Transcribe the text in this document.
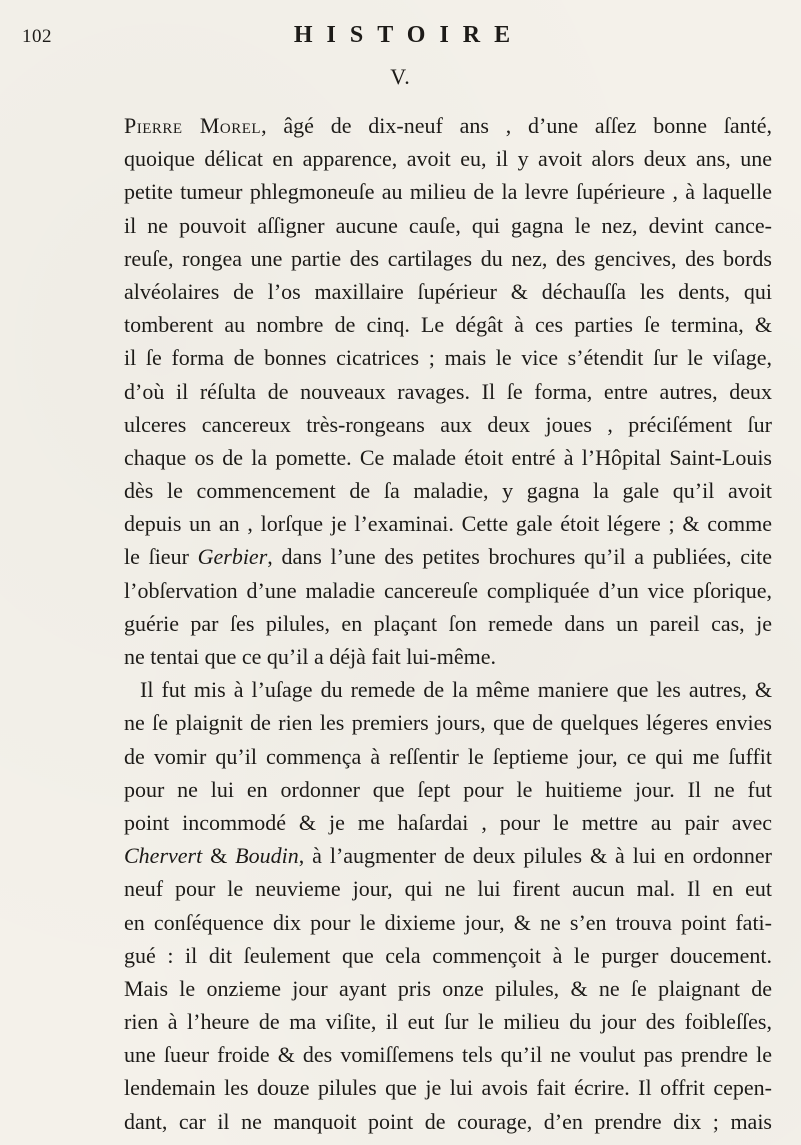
102	HISTOIRE
V.
Pierre Morel, âgé de dix-neuf ans , d’une aſſez bonne ſanté,
quoique délicat en apparence, avoit eu, il y avoit alors deux ans, une
petite tumeur phlegmoneuſe au milieu de la levre ſupérieure , à laquelle
il ne pouvoit aſſigner aucune cauſe, qui gagna le nez, devint cance-
reuſe, rongea une partie des cartilages du nez, des gencives, des bords
alvéolaires de l’os maxillaire ſupérieur & déchauſſa les dents, qui
tomberent au nombre de cinq. Le dégât à ces parties ſe termina, &
il ſe forma de bonnes cicatrices ; mais le vice s’étendit ſur le viſage,
d’où il réſulta de nouveaux ravages. Il ſe forma, entre autres, deux
ulceres cancereux très-rongeans aux deux joues , préciſément ſur
chaque os de la pomette. Ce malade étoit entré à l’Hôpital Saint-Louis
dès le commencement de ſa maladie, y gagna la gale qu’il avoit
depuis un an , lorſque je l’examinai. Cette gale étoit légere ; & comme
le ſieur Gerbier, dans l’une des petites brochures qu’il a publiées, cite
l’obſervation d’une maladie cancereuſe compliquée d’un vice pſorique,
guérie par ſes pilules, en plaçant ſon remede dans un pareil cas, je
ne tentai que ce qu’il a déjà fait lui-même.
Il fut mis à l’uſage du remede de la même maniere que les autres, &
ne ſe plaignit de rien les premiers jours, que de quelques légeres envies
de vomir qu’il commença à reſſentir le ſeptieme jour, ce qui me ſuffit
pour ne lui en ordonner que ſept pour le huitieme jour. Il ne fut
point incommodé & je me haſardai , pour le mettre au pair avec
Chervert & Boudin, à l’augmenter de deux pilules & à lui en ordonner
neuf pour le neuvieme jour, qui ne lui firent aucun mal. Il en eut
en conſéquence dix pour le dixieme jour, & ne s’en trouva point fati-
gué : il dit ſeulement que cela commençoit à le purger doucement.
Mais le onzieme jour ayant pris onze pilules, & ne ſe plaignant de
rien à l’heure de ma viſite, il eut ſur le milieu du jour des foibleſſes,
une ſueur froide & des vomiſſemens tels qu’il ne voulut pas prendre le
lendemain les douze pilules que je lui avois fait écrire. Il offrit cepen-
dant, car il ne manquoit point de courage, d’en prendre dix ; mais
